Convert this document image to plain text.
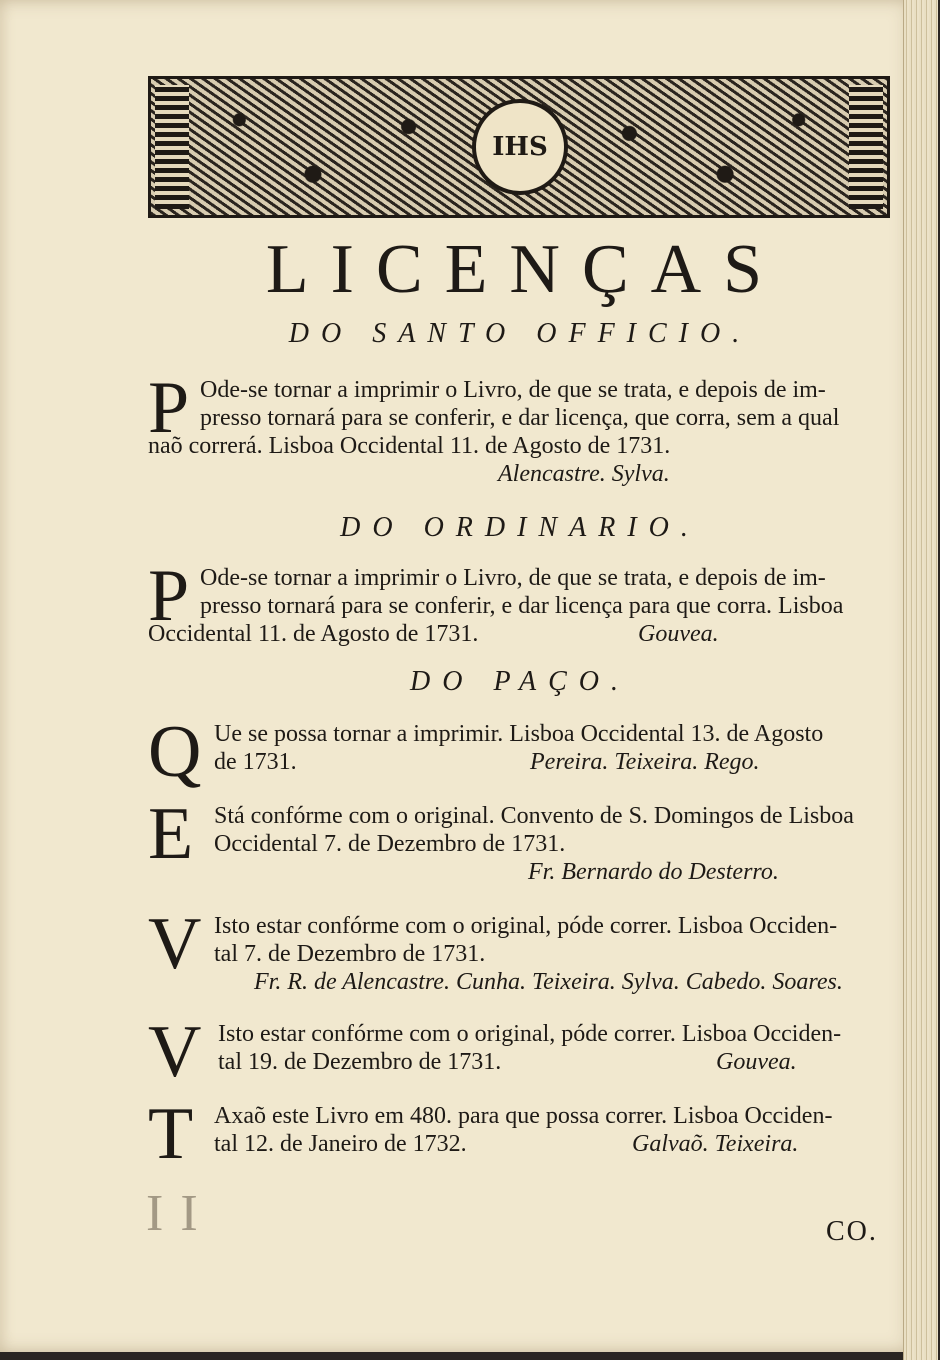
IHS
LICENÇAS
DO SANTO OFFICIO.
P Ode-se tornar a imprimir o Livro, de que se trata, e depois de im-
presso tornará para se conferir, e dar licença, que corra, sem a qual
naõ correrá. Lisboa Occidental 11. de Agosto de 1731.
Alencastre. Sylva.
DO ORDINARIO.
P Ode-se tornar a imprimir o Livro, de que se trata, e depois de im-
presso tornará para se conferir, e dar licença para que corra. Lisboa
Occidental 11. de Agosto de 1731.	Gouvea.
DO PAÇO.
Q Ue se possa tornar a imprimir. Lisboa Occidental 13. de Agosto
de 1731.	Pereira. Teixeira. Rego.
E Stá confórme com o original. Convento de S. Domingos de Lisboa
Occidental 7. de Dezembro de 1731.
Fr. Bernardo do Desterro.
V Isto estar confórme com o original, póde correr. Lisboa Occiden-
tal 7. de Dezembro de 1731.
Fr. R. de Alencastre. Cunha. Teixeira. Sylva. Cabedo. Soares.
V Isto estar confórme com o original, póde correr. Lisboa Occiden-
tal 19. de Dezembro de 1731.	Gouvea.
T Axaõ este Livro em 480. para que possa correr. Lisboa Occiden-
tal 12. de Janeiro de 1732.	Galvaõ. Teixeira.
I I	CO.
